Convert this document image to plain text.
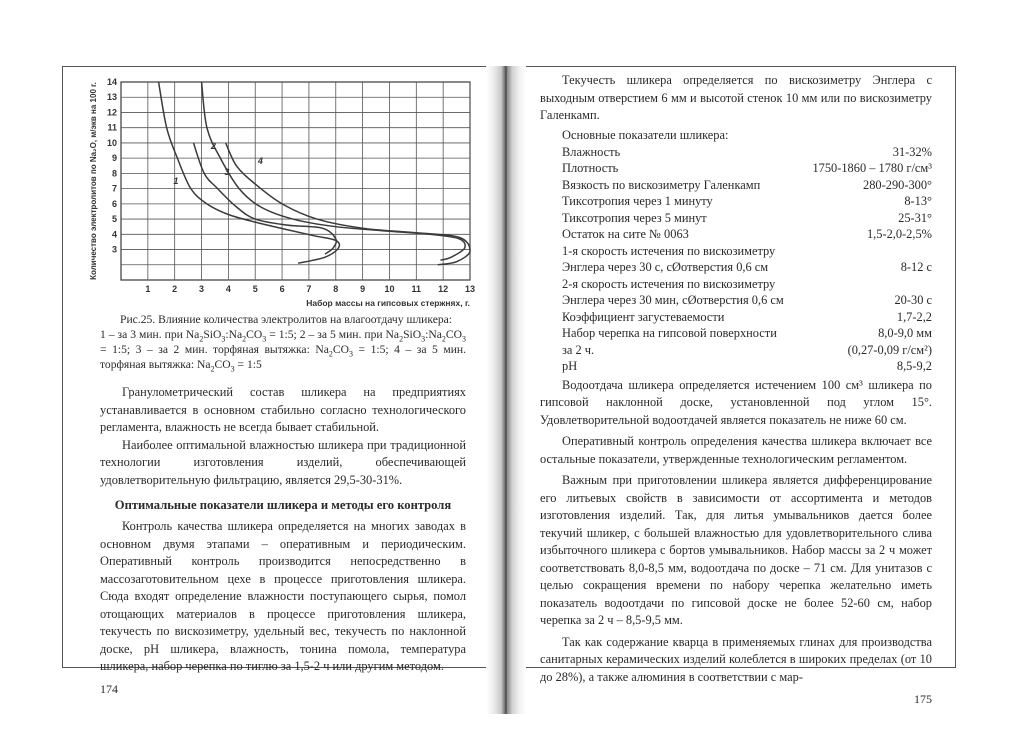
1 2 3 4 5 6 7 8 9 10 11 12 13
3
4
5
6
7
8
9
10
11
12
13
14
Набор массы на гипсовых стержнях, г.
Количество электролитов по Na₂O, м/экв на 100 г.	1
2
3
4
Рис.25. Влияние количества электролитов на влагоотдачу шликера:
1 – за 3 мин. при $Na_2SiO_3:Na_2CO_3$ = 1:5; 2 – за 5 мин. при $Na_2SiO_3:Na_2CO_3$ = 1:5; 3 – за 2 мин. торфяная вытяжка: $Na_2CO_3$ = 1:5; 4 – за 5 мин. торфяная вытяжка: $Na_2CO_3$ = 1:5

Гранулометрический состав шликера на предприятиях устанавливается в основном стабильно согласно технологического регламента, влажность не всегда бывает стабильной.

Наиболее оптимальной влажностью шликера при традиционной технологии изготовления изделий, обеспечивающей удовлетворительную фильтрацию, является 29,5-30-31%.

Оптимальные показатели шликера и методы его контроля

Контроль качества шликера определяется на многих заводах в основном двумя этапами – оперативным и периодическим. Оперативный контроль производится непосредственно в массозаготовительном цехе в процессе приготовления шликера. Сюда входят определение влажности поступающего сырья, помол отощающих материалов в процессе приготовления шликера, текучесть по вискозиметру, удельный вес, текучесть по наклонной доске, pH шликера, влажность, тонина помола, температура шликера, набор черепка по тиглю за 1,5-2 ч или другим методом.

174

Текучесть шликера определяется по вискозиметру Энглера с выходным отверстием 6 мм и высотой стенок 10 мм или по вискозиметру Галенкамп.

Основные показатели шликера:
Влажность	31-32%
Плотность	1750-1860 – 1780 г/см³
Вязкость по вискозиметру Галенкамп	280-290-300°
Тиксотропия через 1 минуту	8-13°
Тиксотропия через 5 минут	25-31°
Остаток на сите № 0063	1,5-2,0-2,5%
1-я скорость истечения по вискозиметру
Энглера через 30 с, сØотверстия 0,6 см	8-12 с
2-я скорость истечения по вискозиметру
Энглера через 30 мин, сØотверстия 0,6 см	20-30 с
Коэффициент загустеваемости	1,7-2,2
Набор черепка на гипсовой поверхности	8,0-9,0 мм
за 2 ч.	(0,27-0,09 г/см²)
pH	8,5-9,2

Водоотдача шликера определяется истечением 100 см³ шликера по гипсовой наклонной доске, установленной под углом 15°. Удовлетворительной водоотдачей является показатель не ниже 60 см.

Оперативный контроль определения качества шликера включает все остальные показатели, утвержденные технологическим регламентом.

Важным при приготовлении шликера является дифференцирование его литьевых свойств в зависимости от ассортимента и методов изготовления изделий. Так, для литья умывальников дается более текучий шликер, с большей влажностью для удовлетворительного слива избыточного шликера с бортов умывальников. Набор массы за 2 ч может соответствовать 8,0-8,5 мм, водоотдача по доске – 71 см. Для унитазов с целью сокращения времени по набору черепка желательно иметь показатель водоотдачи по гипсовой доске не более 52-60 см, набор черепка за 2 ч – 8,5-9,5 мм.

Так как содержание кварца в применяемых глинах для производства санитарных керамических изделий колеблется в широких пределах (от 10 до 28%), а также алюминия в соответствии с мар-

175
